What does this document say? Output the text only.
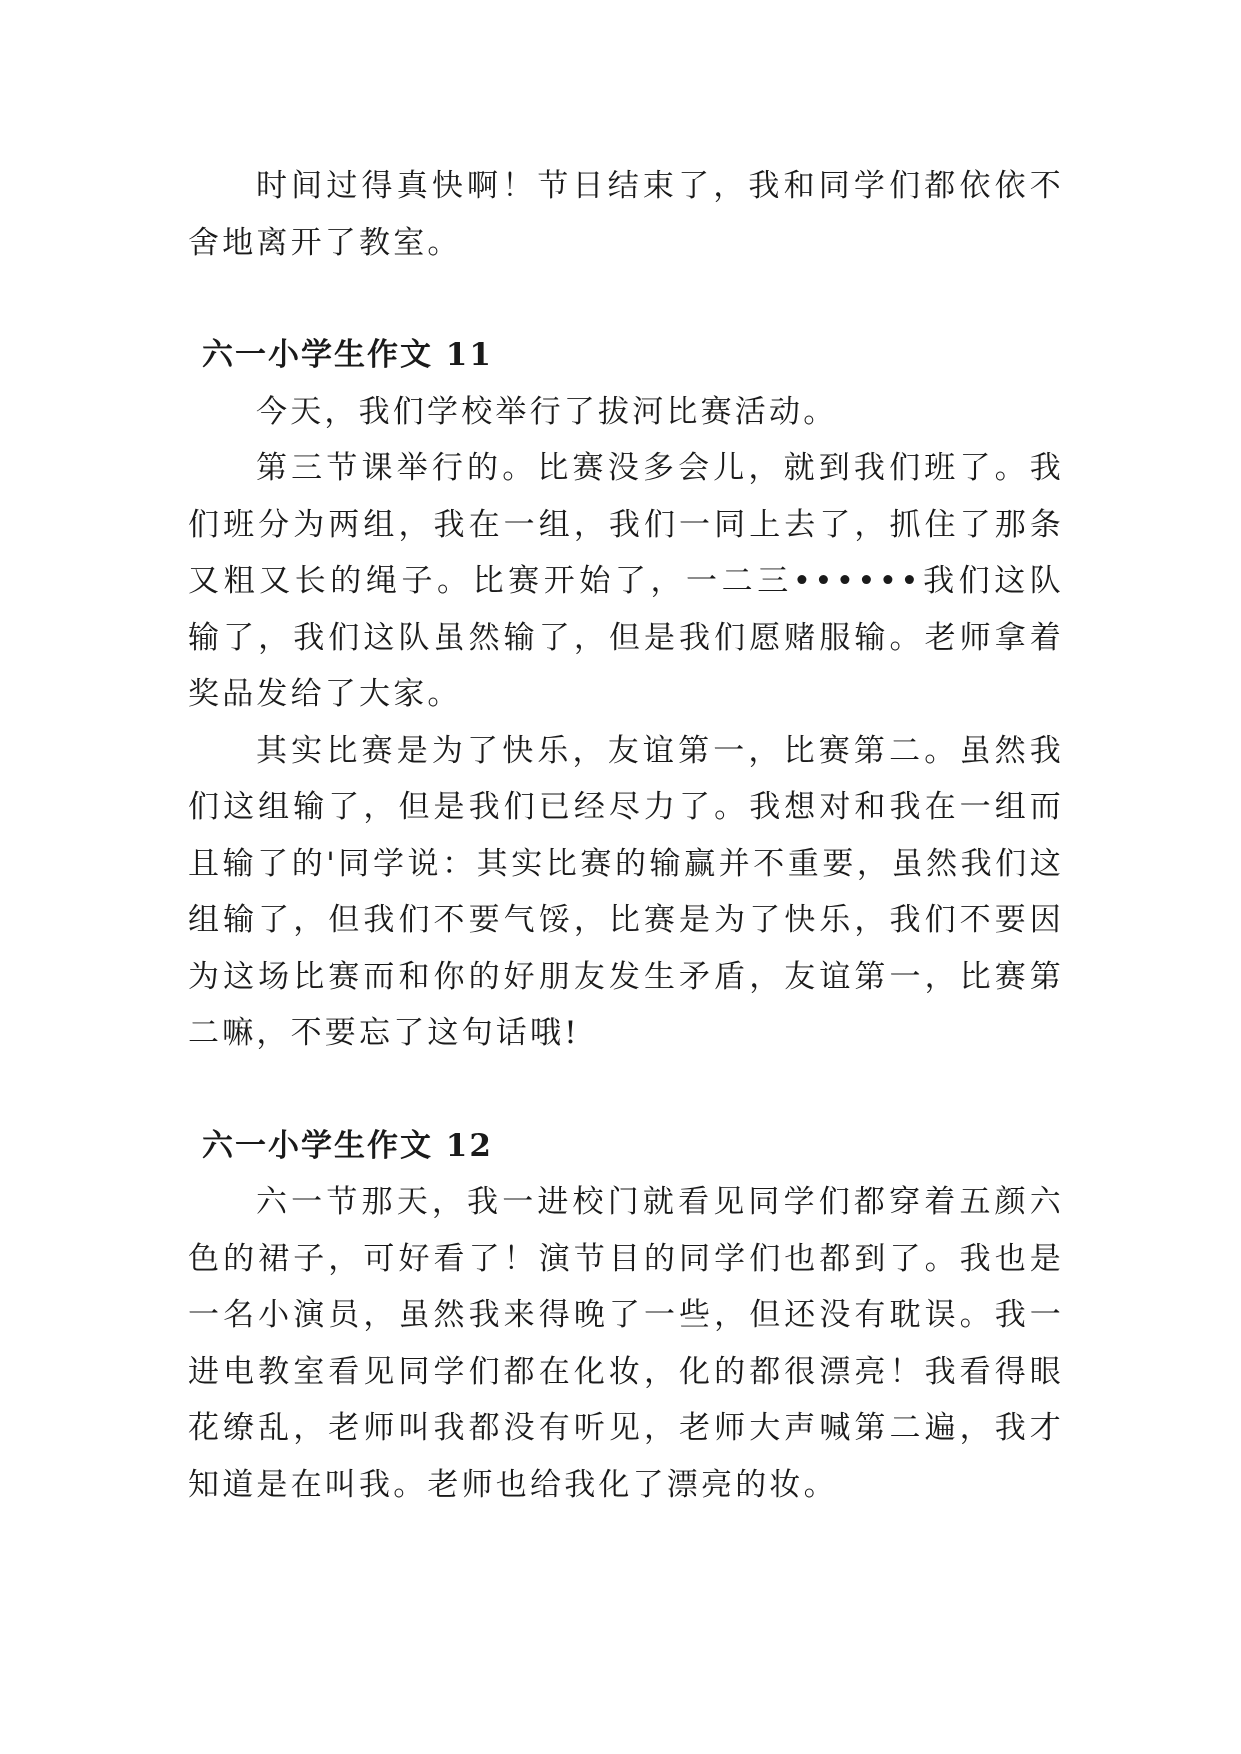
时间过得真快啊！节日结束了，我和同学们都依依不舍地离开了教室。

六一小学生作文 11

今天，我们学校举行了拔河比赛活动。

第三节课举行的。比赛没多会儿，就到我们班了。我们班分为两组，我在一组，我们一同上去了，抓住了那条又粗又长的绳子。比赛开始了，一二三••••••我们这队输了，我们这队虽然输了，但是我们愿赌服输。老师拿着奖品发给了大家。

其实比赛是为了快乐，友谊第一，比赛第二。虽然我们这组输了，但是我们已经尽力了。我想对和我在一组而且输了的'同学说：其实比赛的输赢并不重要，虽然我们这组输了，但我们不要气馁，比赛是为了快乐，我们不要因为这场比赛而和你的好朋友发生矛盾，友谊第一，比赛第二嘛，不要忘了这句话哦!

六一小学生作文 12

六一节那天，我一进校门就看见同学们都穿着五颜六色的裙子，可好看了！演节目的同学们也都到了。我也是一名小演员，虽然我来得晚了一些，但还没有耽误。我一进电教室看见同学们都在化妆，化的都很漂亮！我看得眼花缭乱，老师叫我都没有听见，老师大声喊第二遍，我才知道是在叫我。老师也给我化了漂亮的妆。
